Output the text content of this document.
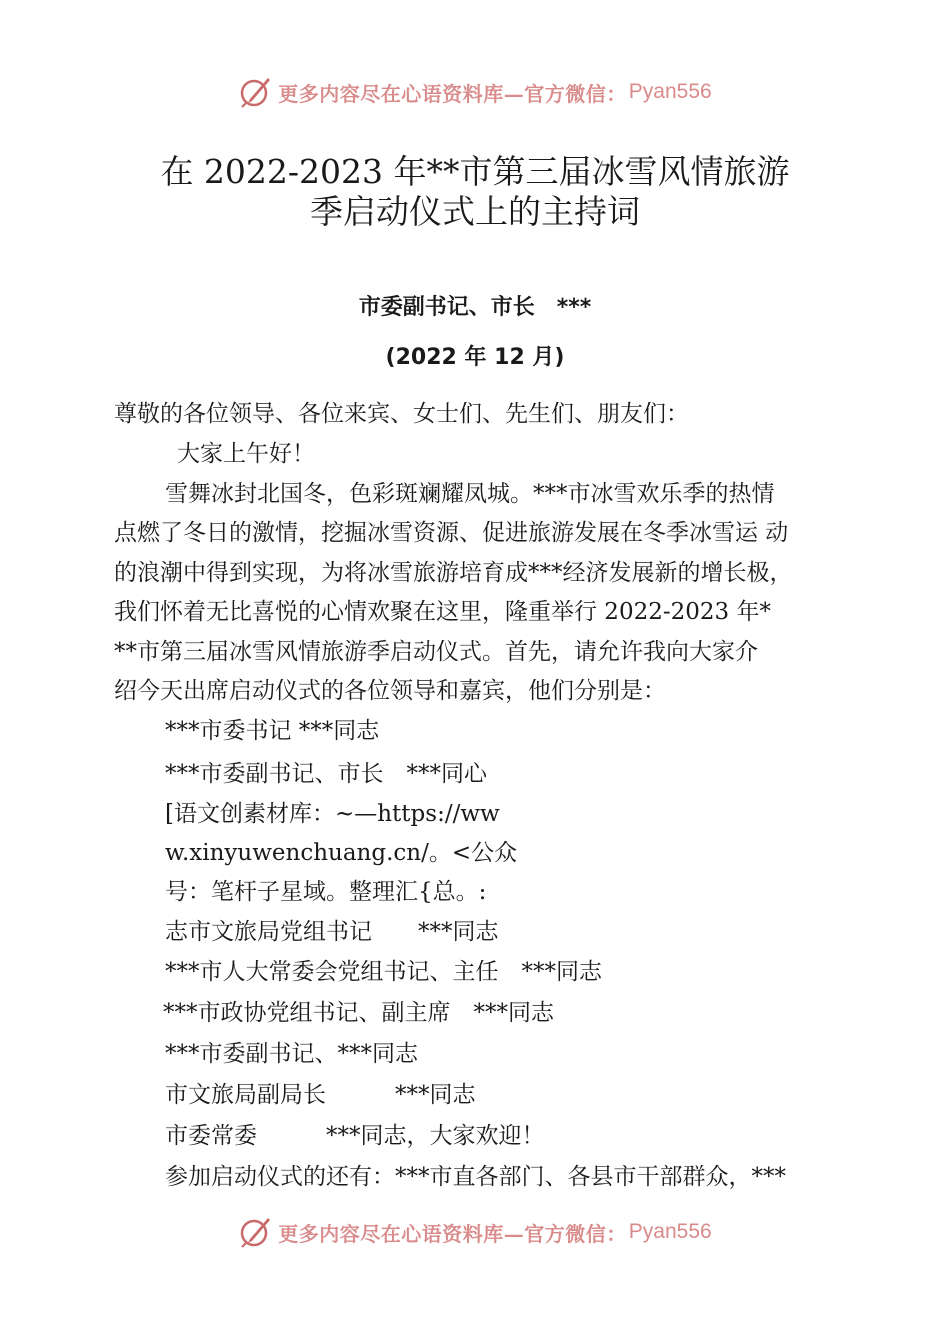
更多内容尽在心语资料库—官方微信： Pyan556
在 2022-2023 年**市第三届冰雪风情旅游
季启动仪式上的主持词
市委副书记、市长　***
(2022 年 12 月)
尊敬的各位领导、各位来宾、女士们、先生们、朋友们：
大家上午好！
雪舞冰封北国冬，色彩斑斓耀凤城。***市冰雪欢乐季的热情
点燃了冬日的激情，挖掘冰雪资源、促进旅游发展在冬季冰雪运 动
的浪潮中得到实现，为将冰雪旅游培育成***经济发展新的增长极，
我们怀着无比喜悦的心情欢聚在这里，隆重举行 2022-2023 年*
**市第三届冰雪风情旅游季启动仪式。首先，请允许我向大家介
绍今天出席启动仪式的各位领导和嘉宾，他们分别是：
***市委书记 ***同志
***市委副书记、市长　***同心
[语文创素材库：~—https://ww
w.xinyuwenchuang.cn/。<公众
号：笔杆子星域。整理汇{总。:
志市文旅局党组书记　　***同志
***市人大常委会党组书记、主任　***同志
***市政协党组书记、副主席　***同志
***市委副书记、***同志
市文旅局副局长　　　***同志
市委常委　　　***同志，大家欢迎！
参加启动仪式的还有：***市直各部门、各县市干部群众，***
更多内容尽在心语资料库—官方微信： Pyan556
